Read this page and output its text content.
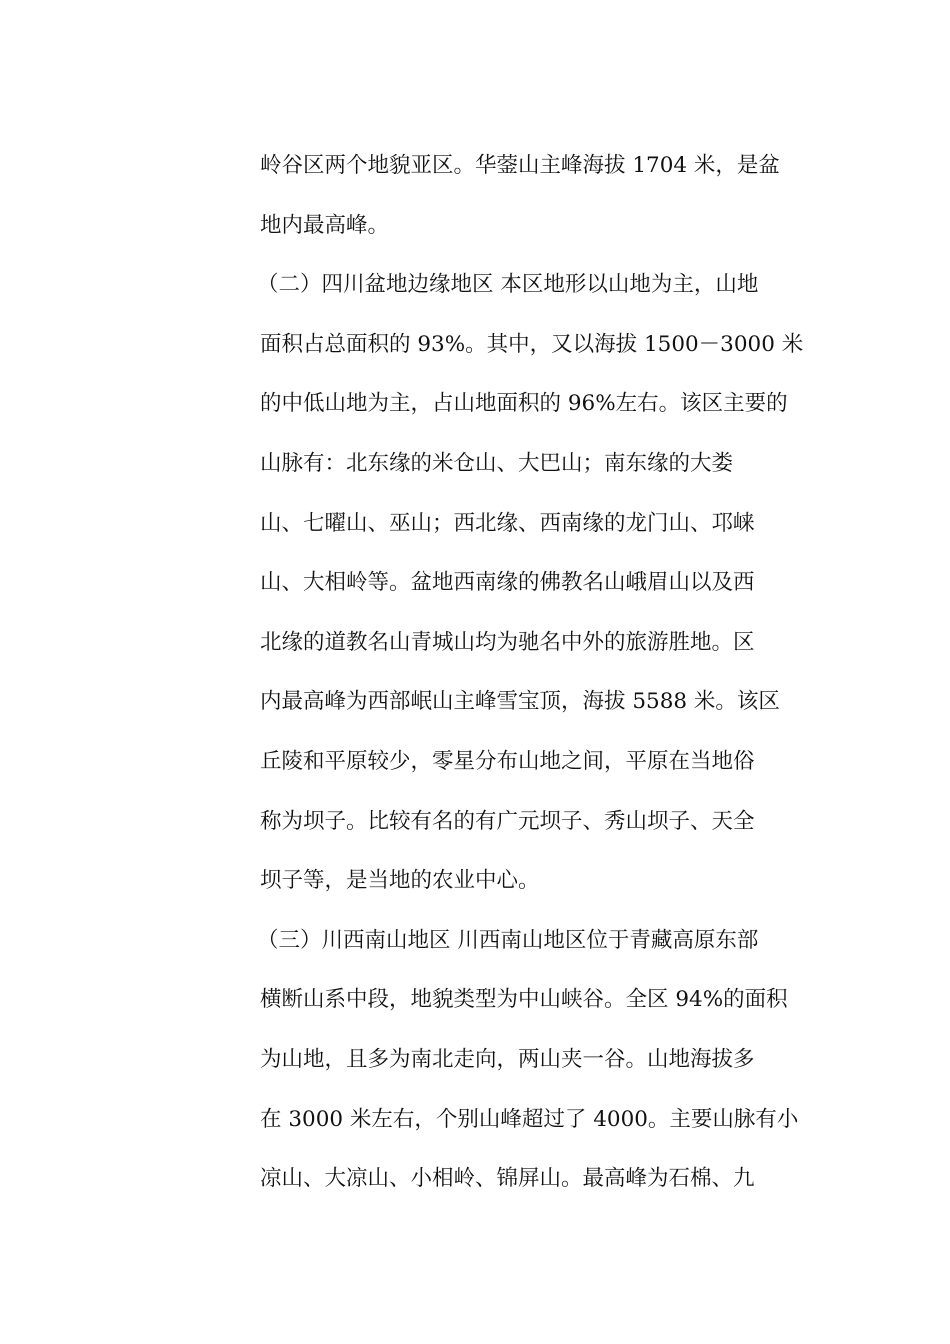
岭谷区两个地貌亚区。华蓥山主峰海拔 1704 米，是盆
地内最高峰。
（二）四川盆地边缘地区 本区地形以山地为主，山地
面积占总面积的 93%。其中，又以海拔 1500－3000 米
的中低山地为主，占山地面积的 96%左右。该区主要的
山脉有：北东缘的米仓山、大巴山；南东缘的大娄
山、七曜山、巫山；西北缘、西南缘的龙门山、邛崃
山、大相岭等。盆地西南缘的佛教名山峨眉山以及西
北缘的道教名山青城山均为驰名中外的旅游胜地。区
内最高峰为西部岷山主峰雪宝顶，海拔 5588 米。该区
丘陵和平原较少，零星分布山地之间，平原在当地俗
称为坝子。比较有名的有广元坝子、秀山坝子、天全
坝子等，是当地的农业中心。
（三）川西南山地区 川西南山地区位于青藏高原东部
横断山系中段，地貌类型为中山峡谷。全区 94%的面积
为山地，且多为南北走向，两山夹一谷。山地海拔多
在 3000 米左右，个别山峰超过了 4000。主要山脉有小
凉山、大凉山、小相岭、锦屏山。最高峰为石棉、九
